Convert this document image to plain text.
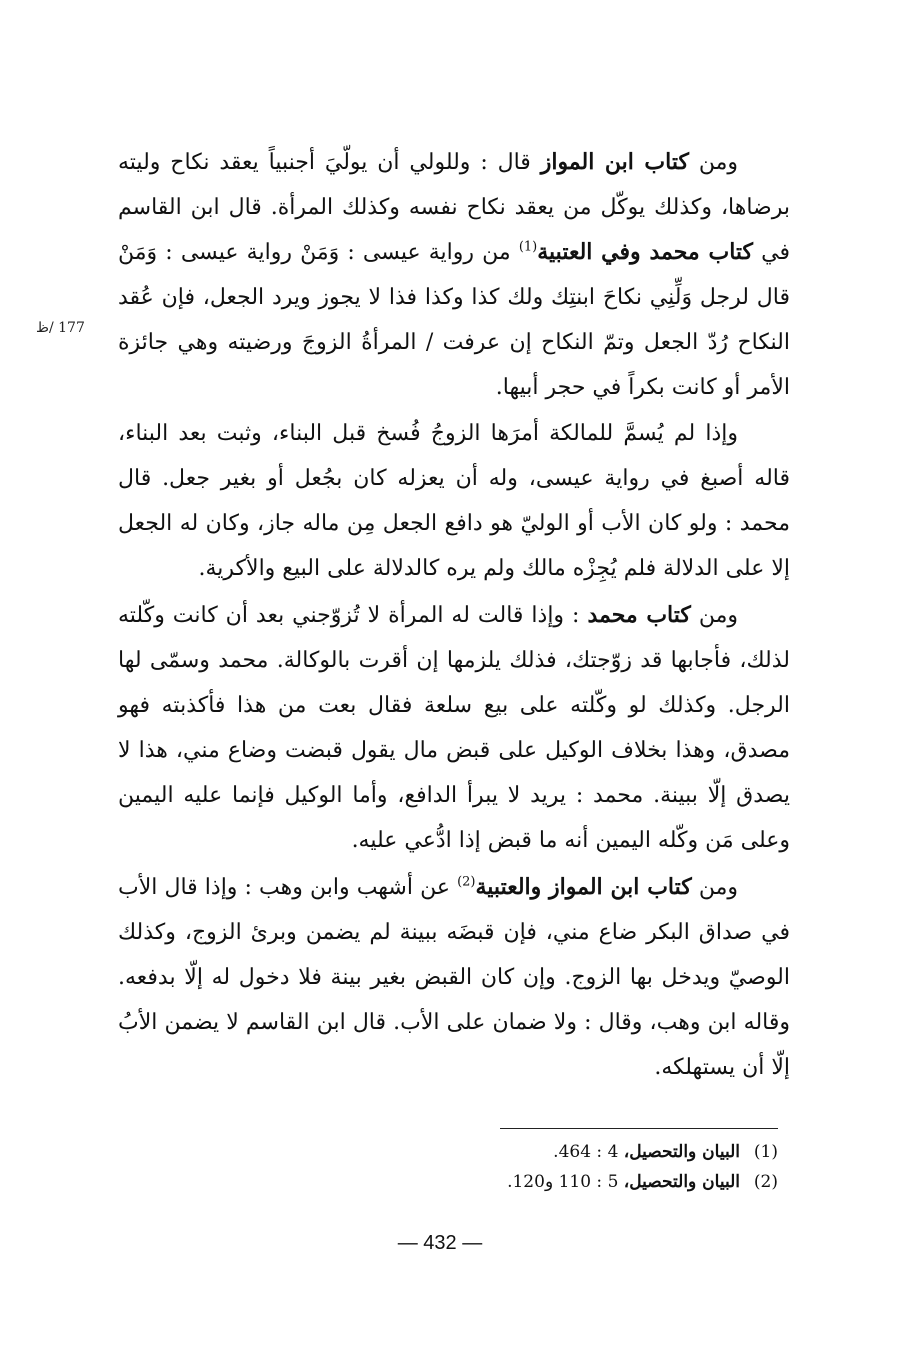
177 /ظ

ومن كتاب ابن المواز قال : وللولي أن يولّيَ أجنبياً يعقد نكاح وليته برضاها، وكذلك يوكّل من يعقد نكاح نفسه وكذلك المرأة. قال ابن القاسم في كتاب محمد وفي العتبية$^{(1)}$ من رواية عيسى : وَمَنْ رواية عيسى : وَمَنْ قال لرجل وَلِّنِي نكاحَ ابنتِك ولك كذا وكذا فذا لا يجوز ويرد الجعل، فإن عُقد النكاح رُدّ الجعل وتمّ النكاح إن عرفت / المرأةُ الزوجَ ورضيته وهي جائزة الأمر أو كانت بكراً في حجر أبيها.

وإذا لم يُسمَّ للمالكة أمرَها الزوجُ فُسخ قبل البناء، وثبت بعد البناء، قاله أصبغ في رواية عيسى، وله أن يعزله كان بجُعل أو بغير جعل. قال محمد : ولو كان الأب أو الوليّ هو دافع الجعل مِن ماله جاز، وكان له الجعل إلا على الدلالة فلم يُجِزْه مالك ولم يره كالدلالة على البيع والأكرية.

ومن كتاب محمد : وإذا قالت له المرأة لا تُزوّجني بعد أن كانت وكّلته لذلك، فأجابها قد زوّجتك، فذلك يلزمها إن أقرت بالوكالة. محمد وسمّى لها الرجل. وكذلك لو وكّلته على بيع سلعة فقال بعت من هذا فأكذبته فهو مصدق، وهذا بخلاف الوكيل على قبض مال يقول قبضت وضاع مني، هذا لا يصدق إلّا ببينة. محمد : يريد لا يبرأ الدافع، وأما الوكيل فإنما عليه اليمين وعلى مَن وكّله اليمين أنه ما قبض إذا ادُّعي عليه.

ومن كتاب ابن المواز والعتبية$^{(2)}$ عن أشهب وابن وهب : وإذا قال الأب في صداق البكر ضاع مني، فإن قبضَه ببينة لم يضمن وبرئ الزوج، وكذلك الوصيّ ويدخل بها الزوج. وإن كان القبض بغير بينة فلا دخول له إلّا بدفعه. وقاله ابن وهب، وقال : ولا ضمان على الأب. قال ابن القاسم لا يضمن الأبُ إلّا أن يستهلكه.

(1)البيان والتحصيل، 4 : 464.
(2)البيان والتحصيل، 5 : 110 و120.
— 432 —
